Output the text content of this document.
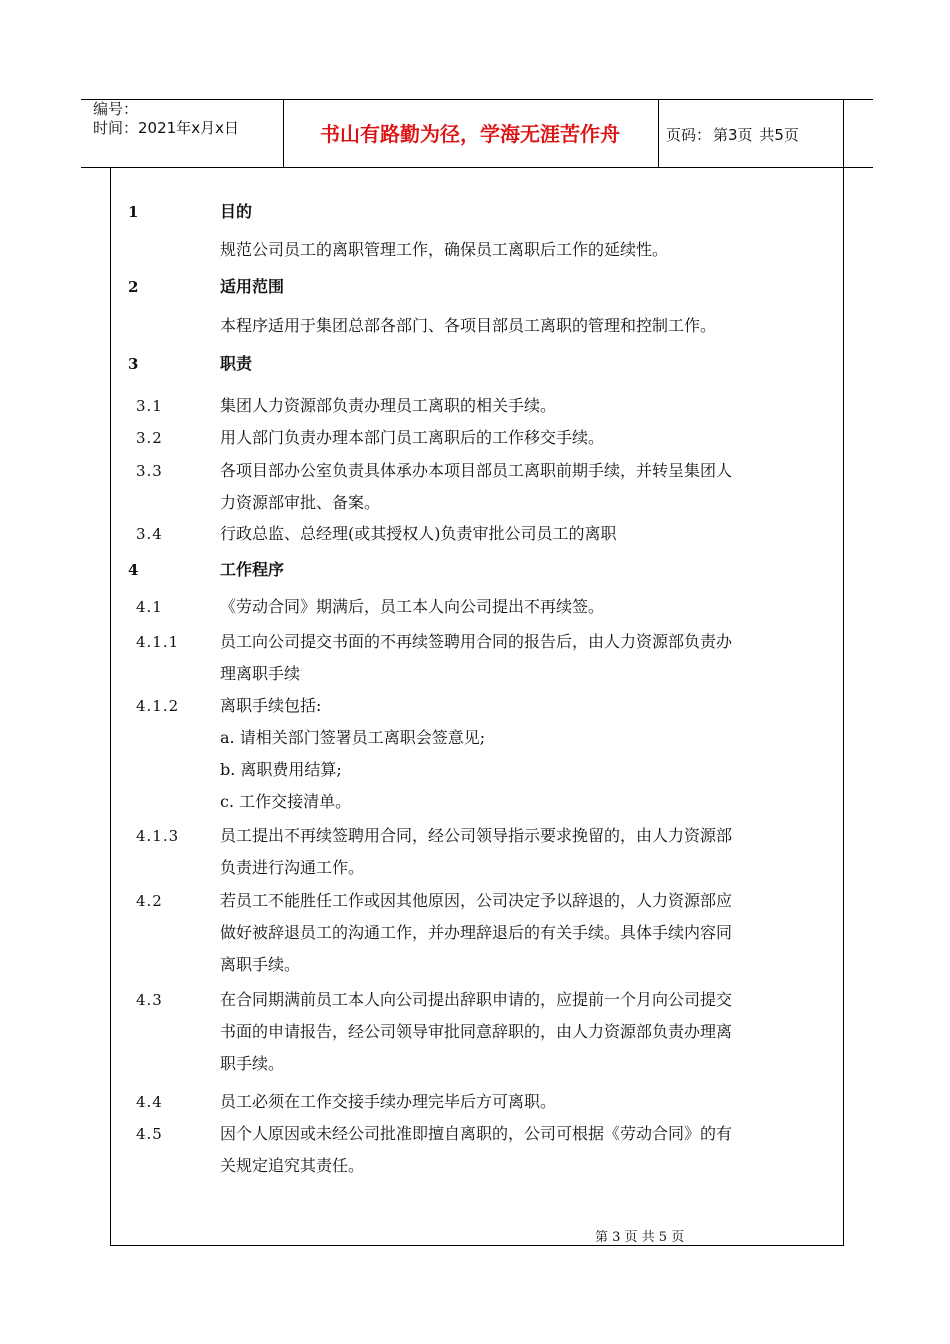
编号：
时间：2021年x月x日	书山有路勤为径，学海无涯苦作舟	页码： 第3页 共5页
1	目的
规范公司员工的离职管理工作，确保员工离职后工作的延续性。
2	适用范围
本程序适用于集团总部各部门、各项目部员工离职的管理和控制工作。
3	职责
3.1	集团人力资源部负责办理员工离职的相关手续。
3.2	用人部门负责办理本部门员工离职后的工作移交手续。
3.3	各项目部办公室负责具体承办本项目部员工离职前期手续，并转呈集团人
力资源部审批、备案。
3.4	行政总监、总经理(或其授权人)负责审批公司员工的离职
4	工作程序
4.1	《劳动合同》期满后，员工本人向公司提出不再续签。
4.1.1	员工向公司提交书面的不再续签聘用合同的报告后，由人力资源部负责办
理离职手续
4.1.2	离职手续包括:
a. 请相关部门签署员工离职会签意见;
b. 离职费用结算;
c. 工作交接清单。
4.1.3	员工提出不再续签聘用合同，经公司领导指示要求挽留的，由人力资源部
负责进行沟通工作。
4.2	若员工不能胜任工作或因其他原因，公司决定予以辞退的，人力资源部应
做好被辞退员工的沟通工作，并办理辞退后的有关手续。具体手续内容同
离职手续。
4.3	在合同期满前员工本人向公司提出辞职申请的，应提前一个月向公司提交
书面的申请报告，经公司领导审批同意辞职的，由人力资源部负责办理离
职手续。
4.4	员工必须在工作交接手续办理完毕后方可离职。
4.5	因个人原因或未经公司批准即擅自离职的，公司可根据《劳动合同》的有
关规定追究其责任。
第 3 页 共 5 页
